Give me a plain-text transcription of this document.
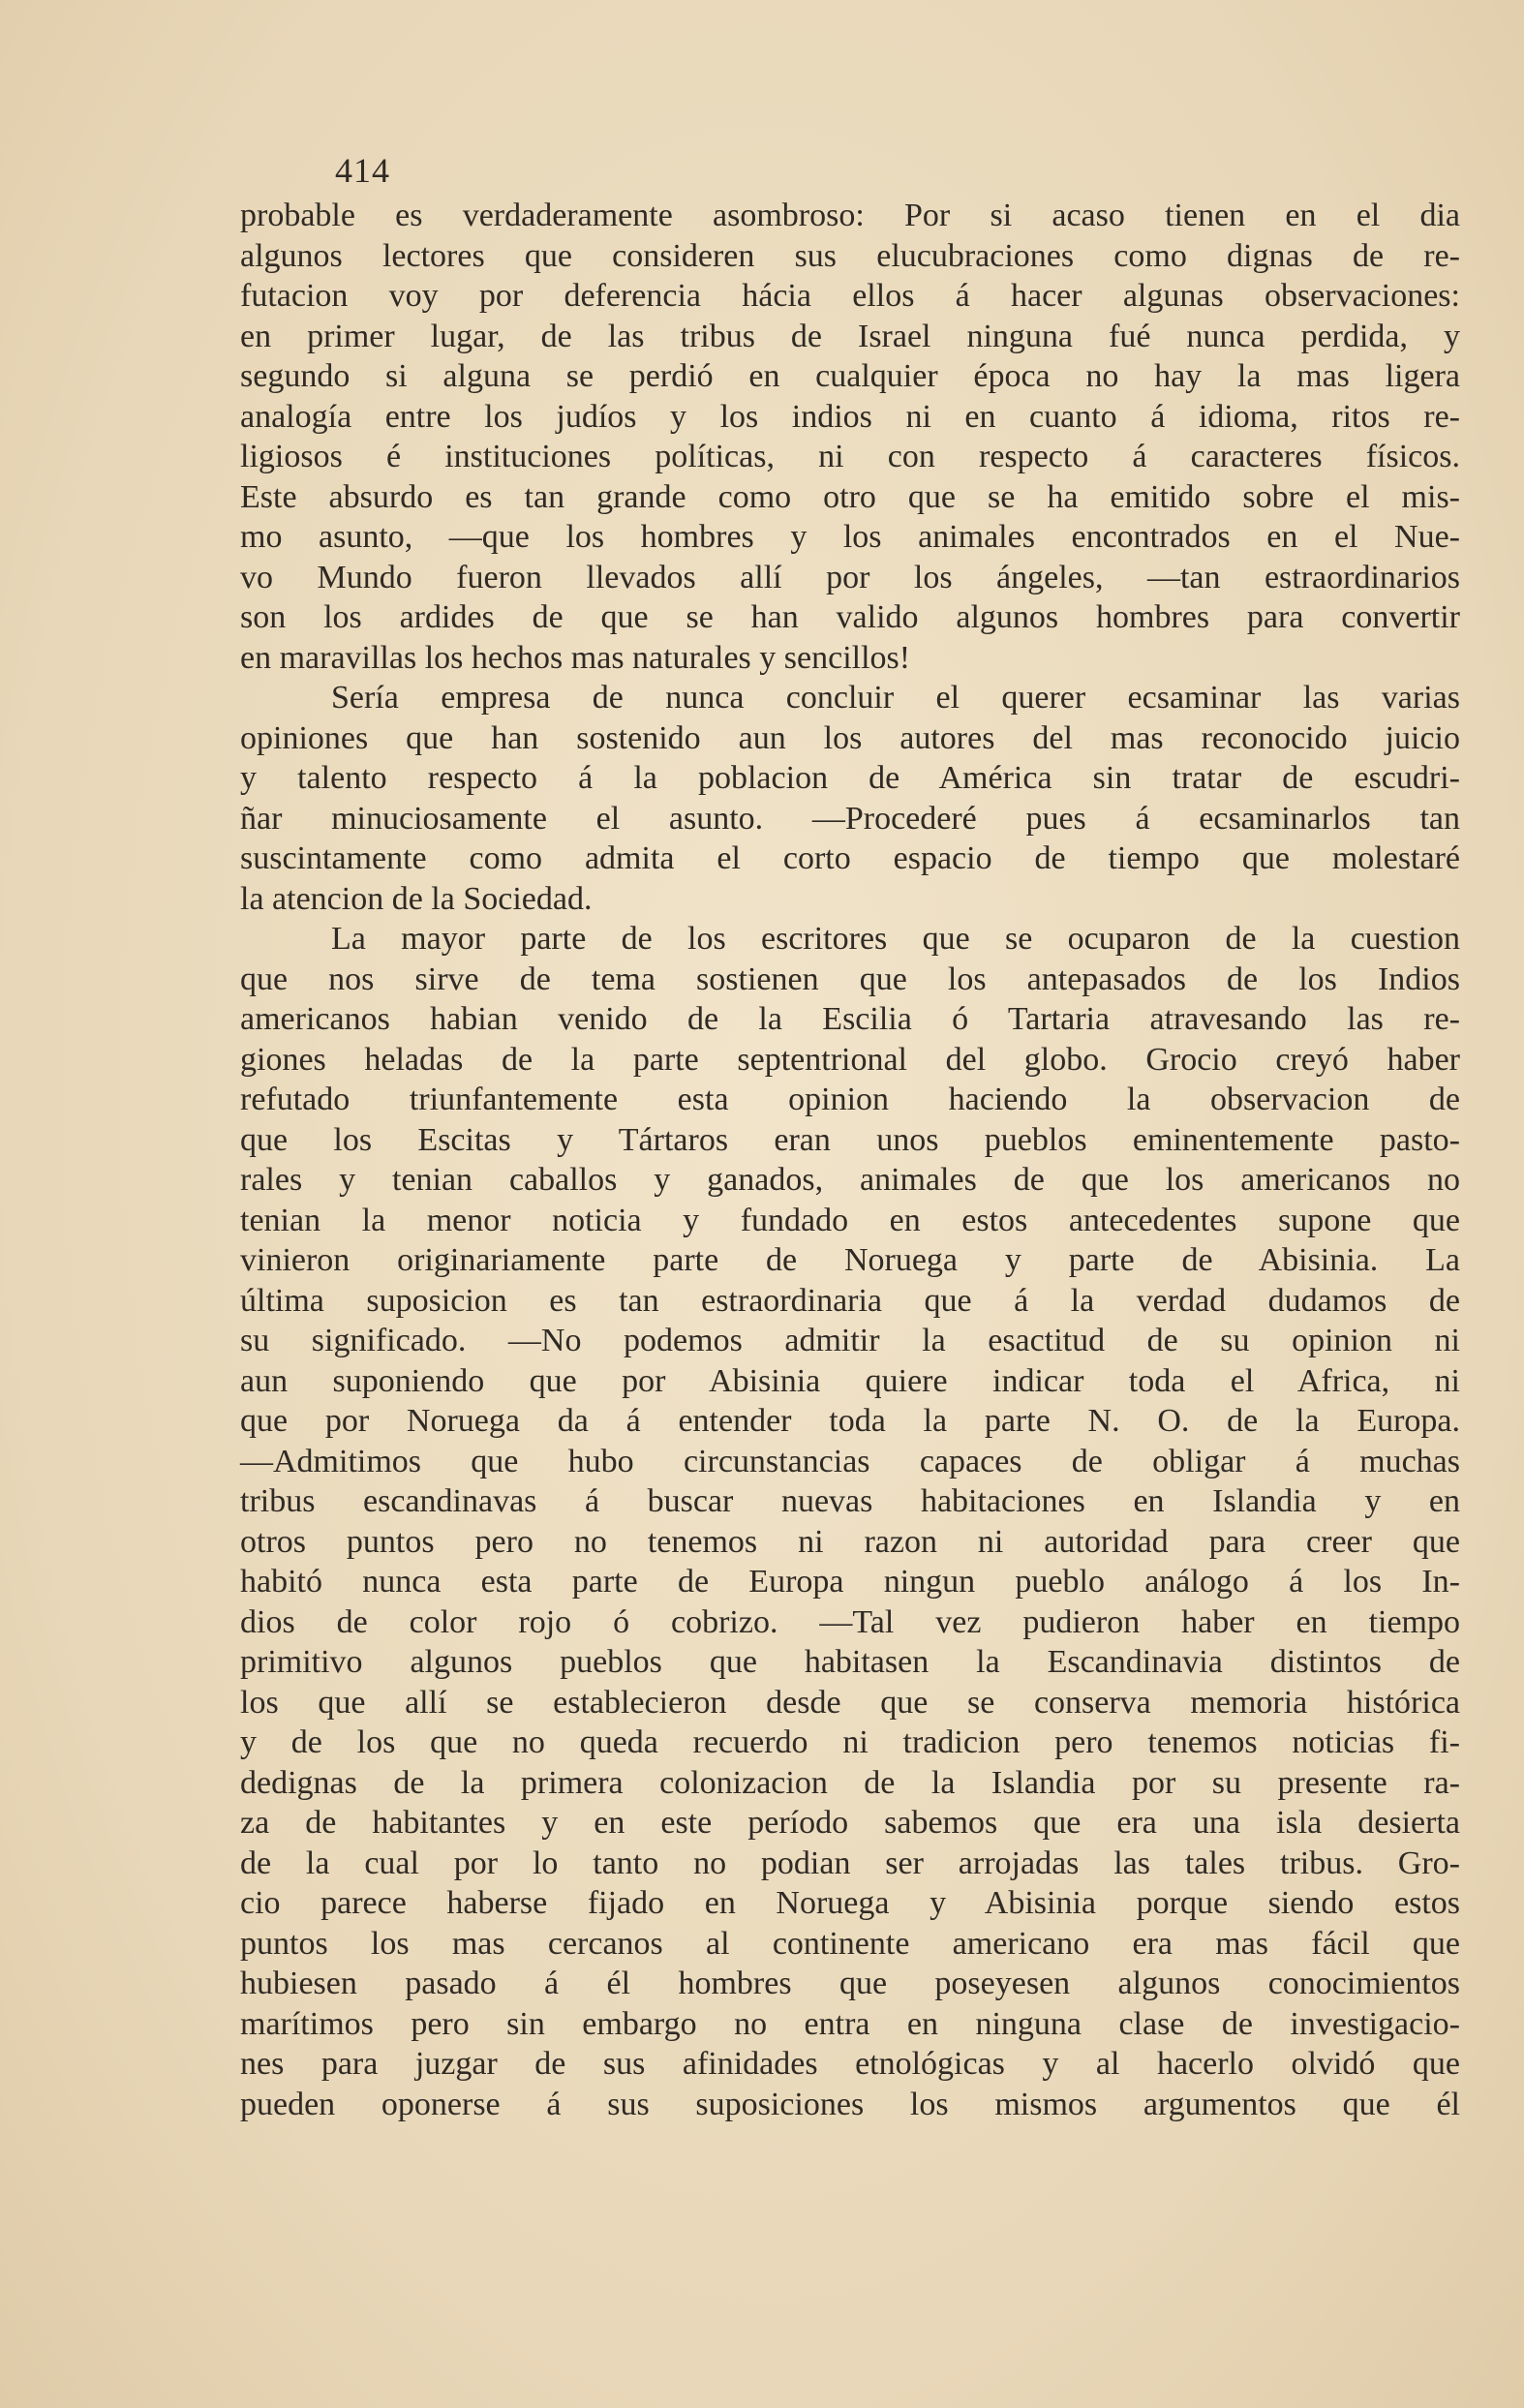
414
probable es verdaderamente asombroso: Por si acaso tienen en el dia
algunos lectores que consideren sus elucubraciones como dignas de re-
futacion voy por deferencia hácia ellos á hacer algunas observaciones:
en primer lugar, de las tribus de Israel ninguna fué nunca perdida, y
segundo si alguna se perdió en cualquier época no hay la mas ligera
analogía entre los judíos y los indios ni en cuanto á idioma, ritos re-
ligiosos é instituciones políticas, ni con respecto á caracteres físicos.
Este absurdo es tan grande como otro que se ha emitido sobre el mis-
mo asunto, —que los hombres y los animales encontrados en el Nue-
vo Mundo fueron llevados allí por los ángeles, —tan estraordinarios
son los ardides de que se han valido algunos hombres para convertir
en maravillas los hechos mas naturales y sencillos!
Sería empresa de nunca concluir el querer ecsaminar las varias
opiniones que han sostenido aun los autores del mas reconocido juicio
y talento respecto á la poblacion de América sin tratar de escudri-
ñar minuciosamente el asunto. —Procederé pues á ecsaminarlos tan
suscintamente como admita el corto espacio de tiempo que molestaré
la atencion de la Sociedad.
La mayor parte de los escritores que se ocuparon de la cuestion
que nos sirve de tema sostienen que los antepasados de los Indios
americanos habian venido de la Escilia ó Tartaria atravesando las re-
giones heladas de la parte septentrional del globo. Grocio creyó haber
refutado triunfantemente esta opinion haciendo la observacion de
que los Escitas y Tártaros eran unos pueblos eminentemente pasto-
rales y tenian caballos y ganados, animales de que los americanos no
tenian la menor noticia y fundado en estos antecedentes supone que
vinieron originariamente parte de Noruega y parte de Abisinia. La
última suposicion es tan estraordinaria que á la verdad dudamos de
su significado. —No podemos admitir la esactitud de su opinion ni
aun suponiendo que por Abisinia quiere indicar toda el Africa, ni
que por Noruega da á entender toda la parte N. O. de la Europa.
—Admitimos que hubo circunstancias capaces de obligar á muchas
tribus escandinavas á buscar nuevas habitaciones en Islandia y en
otros puntos pero no tenemos ni razon ni autoridad para creer que
habitó nunca esta parte de Europa ningun pueblo análogo á los In-
dios de color rojo ó cobrizo. —Tal vez pudieron haber en tiempo
primitivo algunos pueblos que habitasen la Escandinavia distintos de
los que allí se establecieron desde que se conserva memoria histórica
y de los que no queda recuerdo ni tradicion pero tenemos noticias fi-
dedignas de la primera colonizacion de la Islandia por su presente ra-
za de habitantes y en este período sabemos que era una isla desierta
de la cual por lo tanto no podian ser arrojadas las tales tribus. Gro-
cio parece haberse fijado en Noruega y Abisinia porque siendo estos
puntos los mas cercanos al continente americano era mas fácil que
hubiesen pasado á él hombres que poseyesen algunos conocimientos
marítimos pero sin embargo no entra en ninguna clase de investigacio-
nes para juzgar de sus afinidades etnológicas y al hacerlo olvidó que
pueden oponerse á sus suposiciones los mismos argumentos que él
